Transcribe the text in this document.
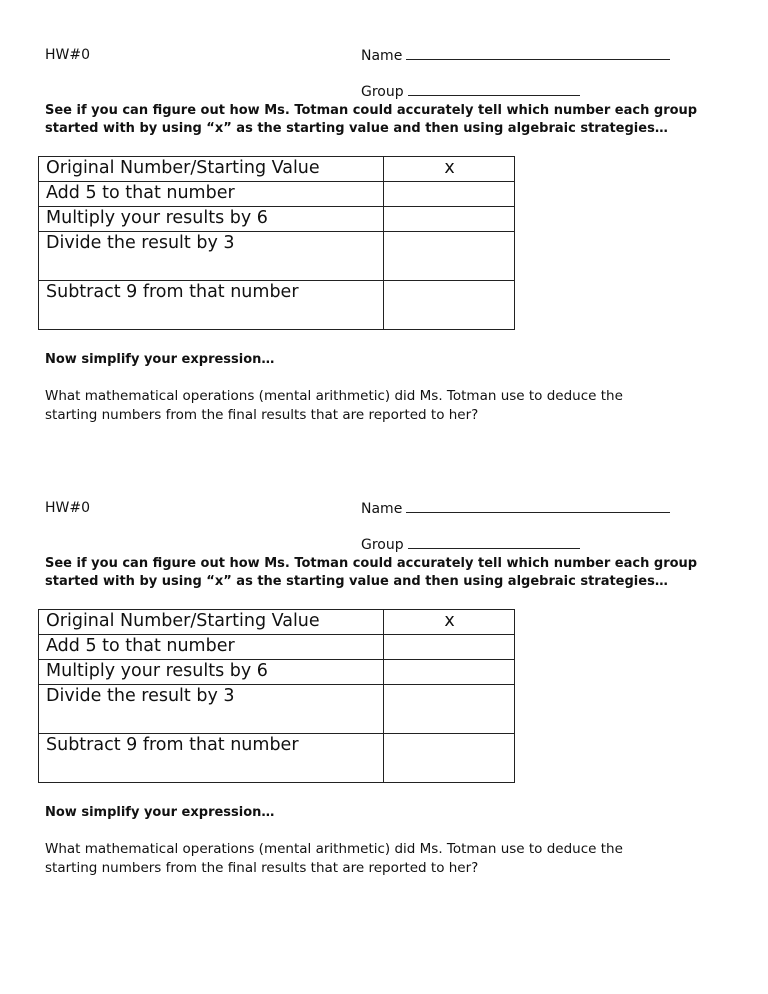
HW#0	Name
Group

See if you can figure out how Ms. Totman could accurately tell which number each group
started with by using “x” as the starting value and then using algebraic strategies…

Original Number/Starting Value	x
Add 5 to that number	
Multiply your results by 6	
Divide the result by 3	
Subtract 9 from that number	

Now simplify your expression…

What mathematical operations (mental arithmetic) did Ms. Totman use to deduce the
starting numbers from the final results that are reported to her?

HW#0	Name
Group

See if you can figure out how Ms. Totman could accurately tell which number each group
started with by using “x” as the starting value and then using algebraic strategies…

Original Number/Starting Value	x
Add 5 to that number	
Multiply your results by 6	
Divide the result by 3	
Subtract 9 from that number	

Now simplify your expression…

What mathematical operations (mental arithmetic) did Ms. Totman use to deduce the
starting numbers from the final results that are reported to her?
